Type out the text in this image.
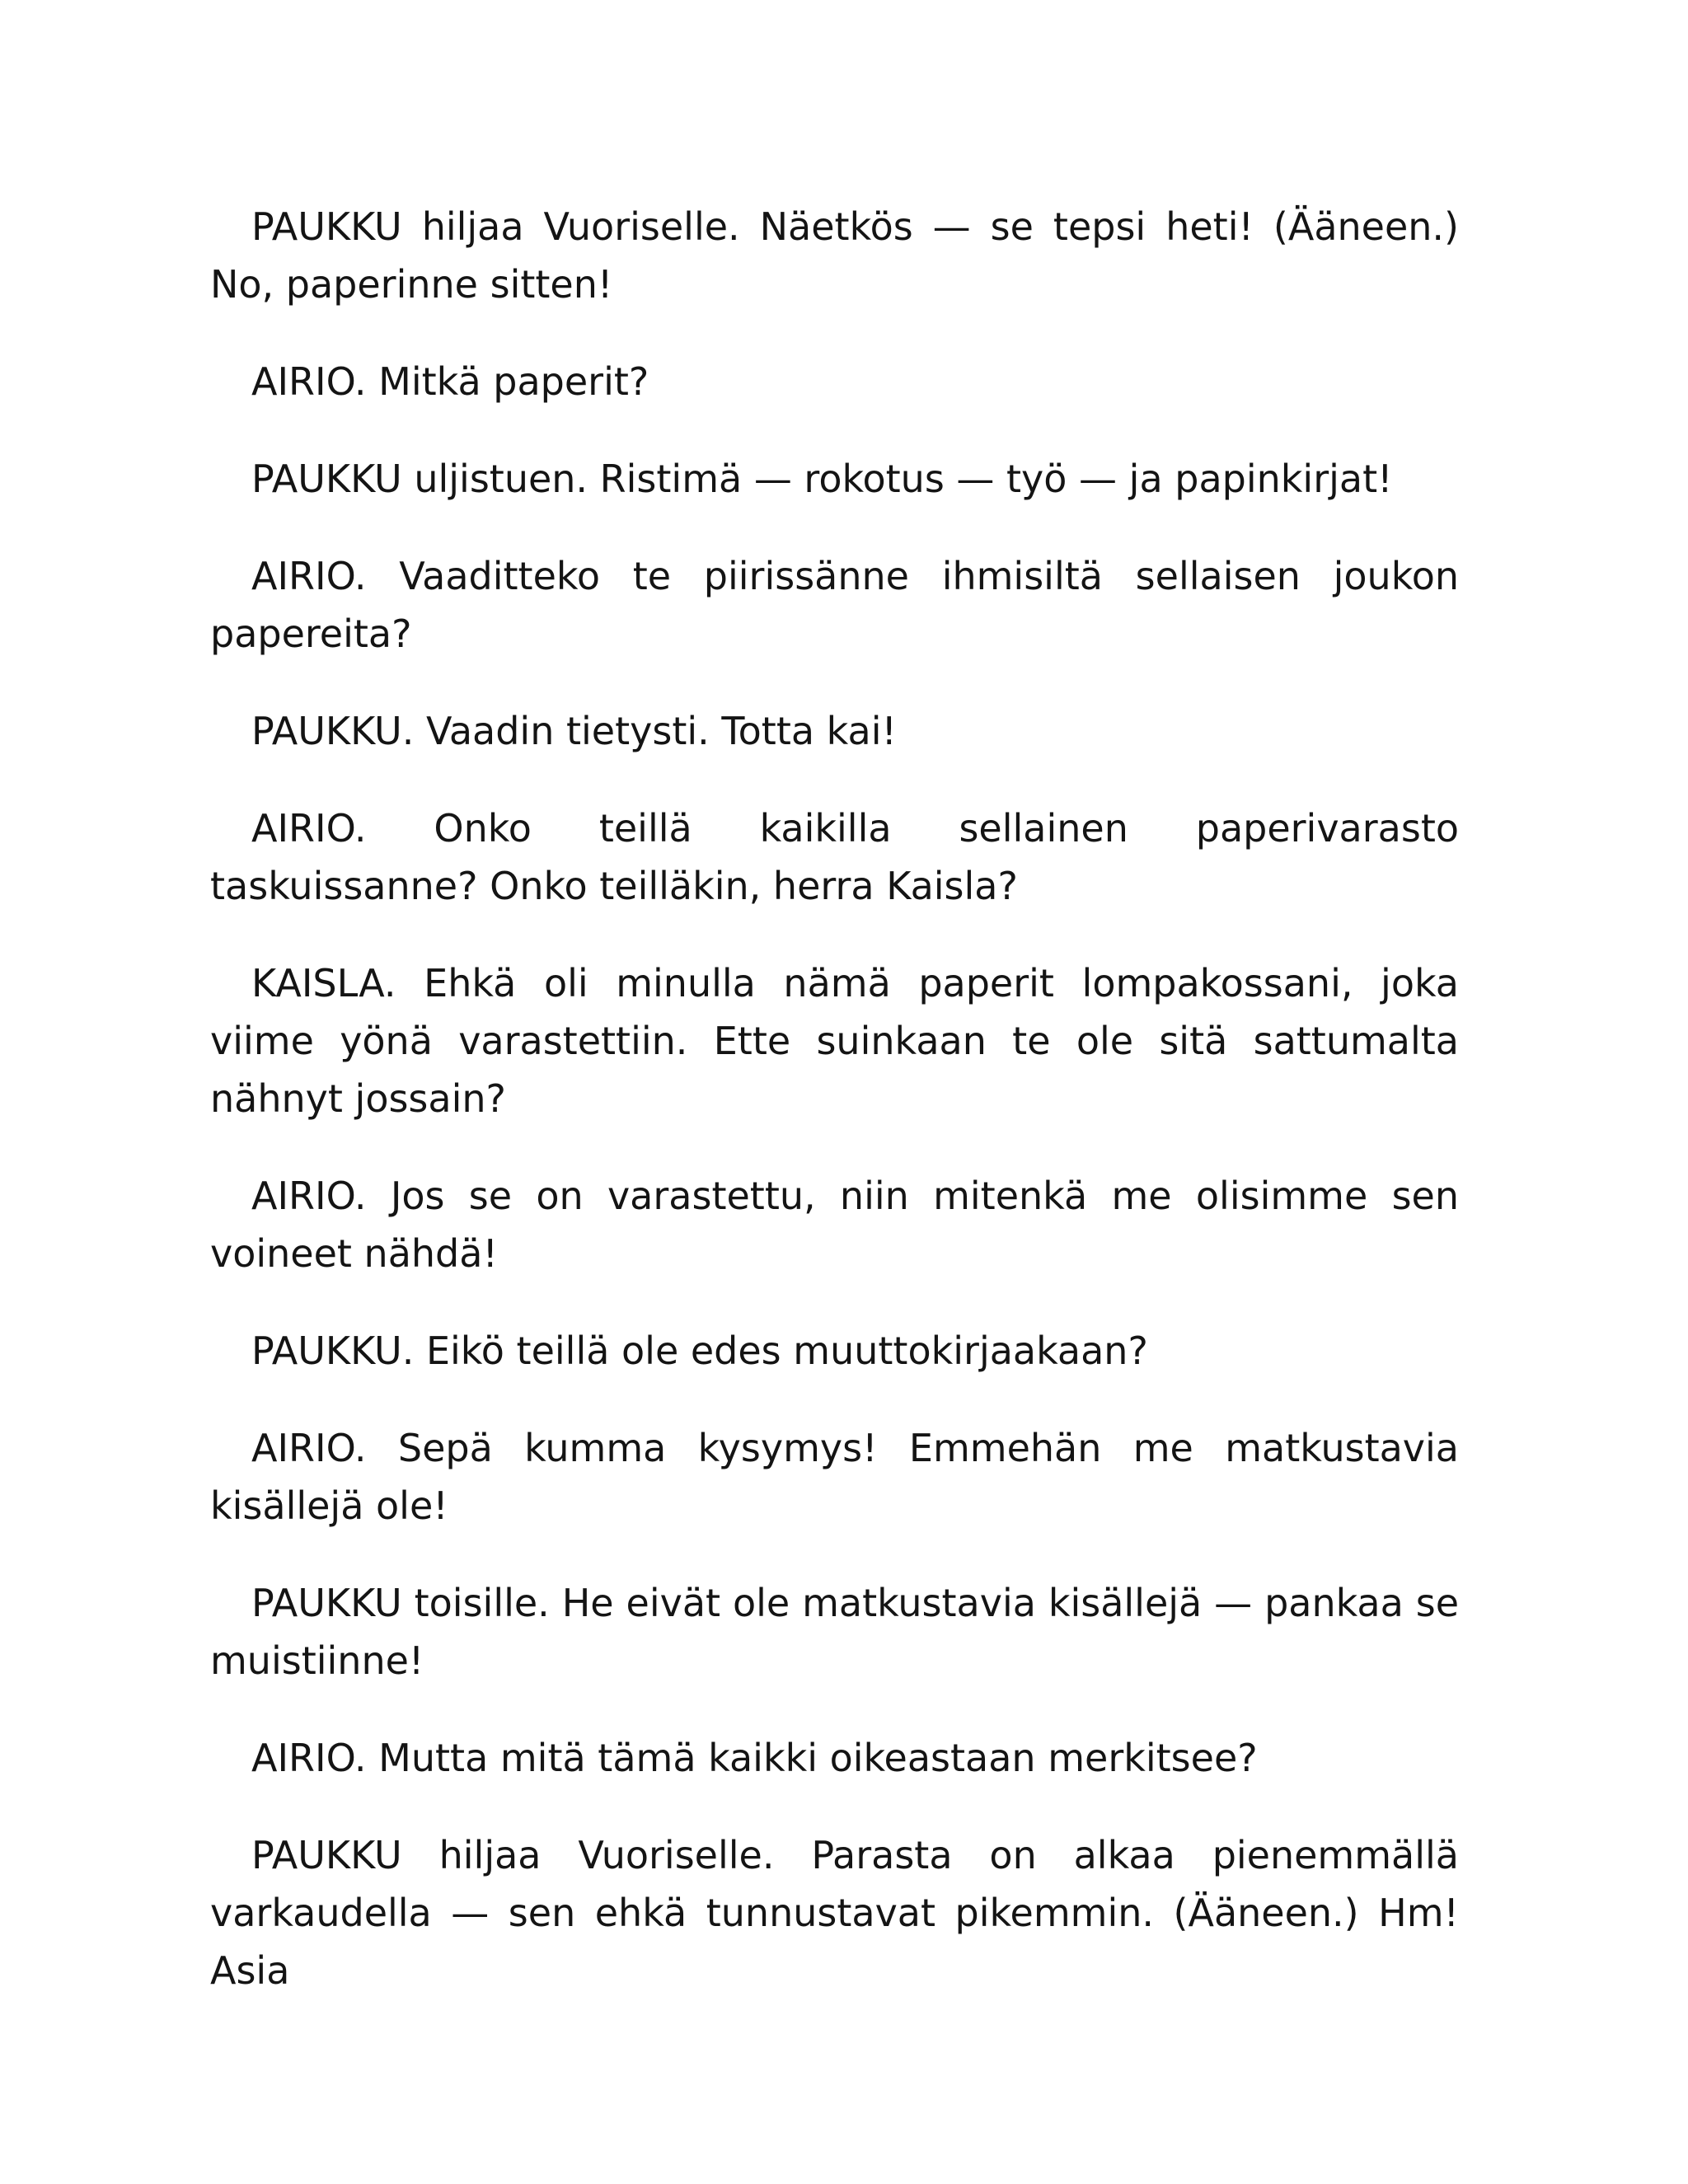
PAUKKU hiljaa Vuoriselle. Näetkös — se tepsi heti! (Ääneen.) No, paperinne sitten!

AIRIO. Mitkä paperit?

PAUKKU uljistuen. Ristimä — rokotus — työ — ja papinkirjat!

AIRIO. Vaaditteko te piirissänne ihmisiltä sellaisen joukon papereita?

PAUKKU. Vaadin tietysti. Totta kai!

AIRIO. Onko teillä kaikilla sellainen paperivarasto taskuissanne? Onko teilläkin, herra Kaisla?

KAISLA. Ehkä oli minulla nämä paperit lompakossani, joka viime yönä varastettiin. Ette suinkaan te ole sitä sattumalta nähnyt jossain?

AIRIO. Jos se on varastettu, niin mitenkä me olisimme sen voineet nähdä!

PAUKKU. Eikö teillä ole edes muuttokirjaakaan?

AIRIO. Sepä kumma kysymys! Emmehän me matkustavia kisällejä ole!

PAUKKU toisille. He eivät ole matkustavia kisällejä — pankaa se muistiinne!

AIRIO. Mutta mitä tämä kaikki oikeastaan merkitsee?

PAUKKU hiljaa Vuoriselle. Parasta on alkaa pienemmällä varkaudella — sen ehkä tunnustavat pikemmin. (Ääneen.) Hm! Asia
